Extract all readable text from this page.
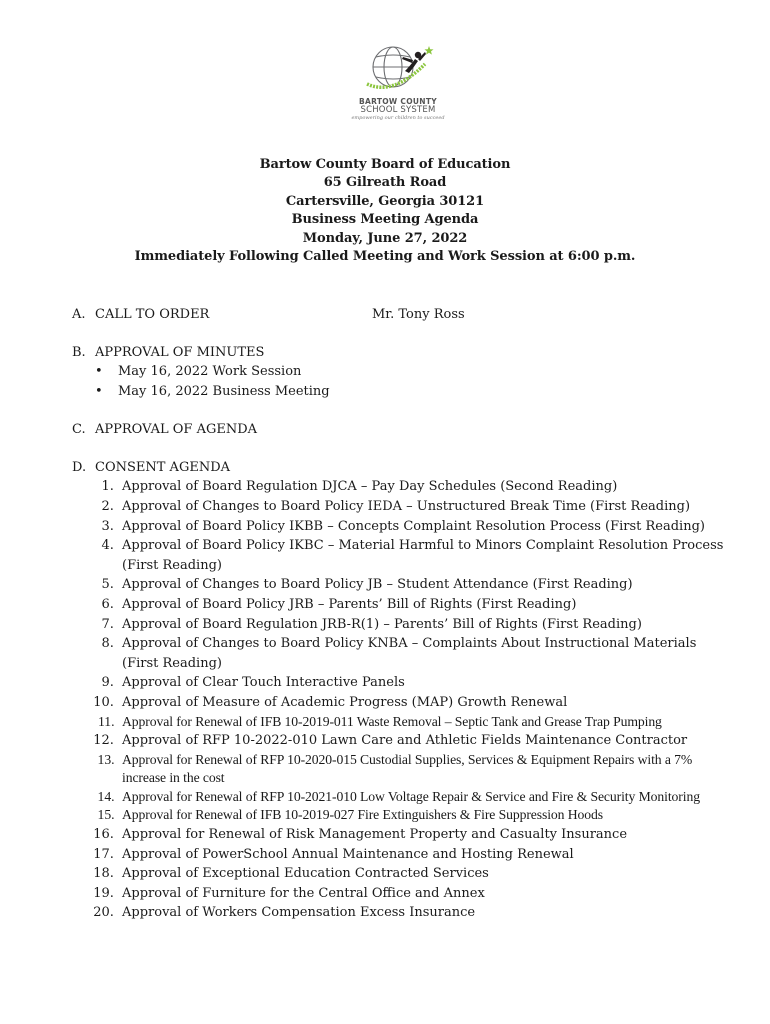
BARTOW COUNTY
SCHOOL SYSTEM
empowering our children to succeed
Bartow County Board of Education
65 Gilreath Road
Cartersville, Georgia 30121
Business Meeting Agenda
Monday, June 27, 2022
Immediately Following Called Meeting and Work Session at 6:00 p.m.
A. CALL TO ORDER	Mr. Tony Ross
B. APPROVAL OF MINUTES
• May 16, 2022 Work Session
• May 16, 2022 Business Meeting
C. APPROVAL OF AGENDA
D. CONSENT AGENDA
1. Approval of Board Regulation DJCA – Pay Day Schedules (Second Reading)
2. Approval of Changes to Board Policy IEDA – Unstructured Break Time (First Reading)
3. Approval of Board Policy IKBB – Concepts Complaint Resolution Process (First Reading)
4. Approval of Board Policy IKBC – Material Harmful to Minors Complaint Resolution Process (First Reading)
5. Approval of Changes to Board Policy JB – Student Attendance (First Reading)
6. Approval of Board Policy JRB – Parents’ Bill of Rights (First Reading)
7. Approval of Board Regulation JRB-R(1) – Parents’ Bill of Rights (First Reading)
8. Approval of Changes to Board Policy KNBA – Complaints About Instructional Materials (First Reading)
9. Approval of Clear Touch Interactive Panels
10. Approval of Measure of Academic Progress (MAP) Growth Renewal
11. Approval for Renewal of IFB 10-2019-011 Waste Removal – Septic Tank and Grease Trap Pumping
12. Approval of RFP 10-2022-010 Lawn Care and Athletic Fields Maintenance Contractor
13. Approval for Renewal of RFP 10-2020-015 Custodial Supplies, Services & Equipment Repairs with a 7% increase in the cost
14. Approval for Renewal of RFP 10-2021-010 Low Voltage Repair & Service and Fire & Security Monitoring
15. Approval for Renewal of IFB 10-2019-027 Fire Extinguishers & Fire Suppression Hoods
16. Approval for Renewal of Risk Management Property and Casualty Insurance
17. Approval of PowerSchool Annual Maintenance and Hosting Renewal
18. Approval of Exceptional Education Contracted Services
19. Approval of Furniture for the Central Office and Annex
20. Approval of Workers Compensation Excess Insurance
